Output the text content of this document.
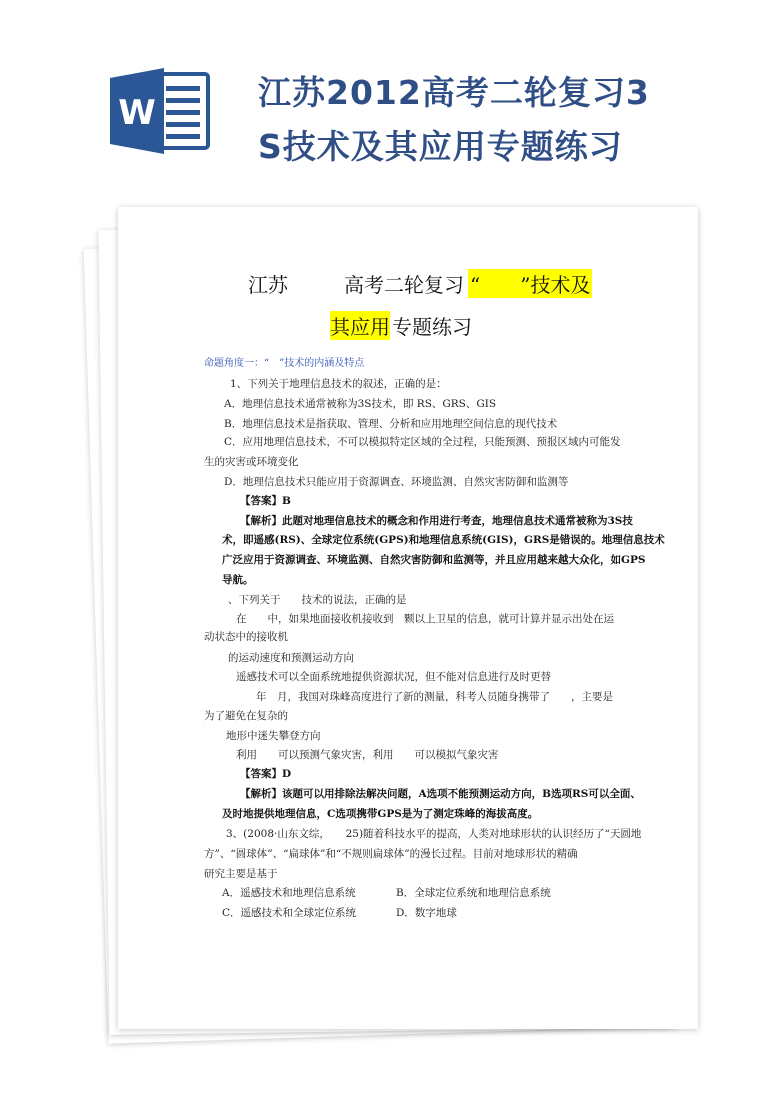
W
江苏2012高考二轮复习3
S技术及其应用专题练习
江苏	高考二轮复习 “　　”技术及
其应用 专题练习
命题角度一：“　”技术的内涵及特点
1、下列关于地理信息技术的叙述，正确的是：
A．地理信息技术通常被称为3S技术，即 RS、GRS、GIS
B．地理信息技术是指获取、管理、分析和应用地理空间信息的现代技术
C．应用地理信息技术，不可以模拟特定区域的全过程，只能预测、预报区域内可能发
生的灾害或环境变化
D．地理信息技术只能应用于资源调查、环境监测、自然灾害防御和监测等
【答案】B
【解析】此题对地理信息技术的概念和作用进行考查，地理信息技术通常被称为3S技
术，即遥感(RS)、全球定位系统(GPS)和地理信息系统(GIS)，GRS是错误的。地理信息技术
广泛应用于资源调查、环境监测、自然灾害防御和监测等，并且应用越来越大众化，如GPS
导航。
、下列关于　　技术的说法，正确的是
在　　中，如果地面接收机接收到　颗以上卫星的信息，就可计算并显示出处在运
动状态中的接收机
的运动速度和预测运动方向
遥感技术可以全面系统地提供资源状况，但不能对信息进行及时更替
年　月，我国对珠峰高度进行了新的测量，科考人员随身携带了　　，主要是
为了避免在复杂的
地形中迷失攀登方向
利用　　可以预测气象灾害，利用　　可以模拟气象灾害
【答案】D
【解析】该题可以用排除法解决问题，A选项不能预测运动方向，B选项RS可以全面、
及时地提供地理信息，C选项携带GPS是为了测定珠峰的海拔高度。
3、(2008·山东文综，　　25)随着科技水平的提高，人类对地球形状的认识经历了“天圆地
方”、“圆球体”、“扁球体”和“不规则扁球体”的漫长过程。目前对地球形状的精确
研究主要是基于
A．遥感技术和地理信息系统	B．全球定位系统和地理信息系统
C．遥感技术和全球定位系统	D．数字地球
